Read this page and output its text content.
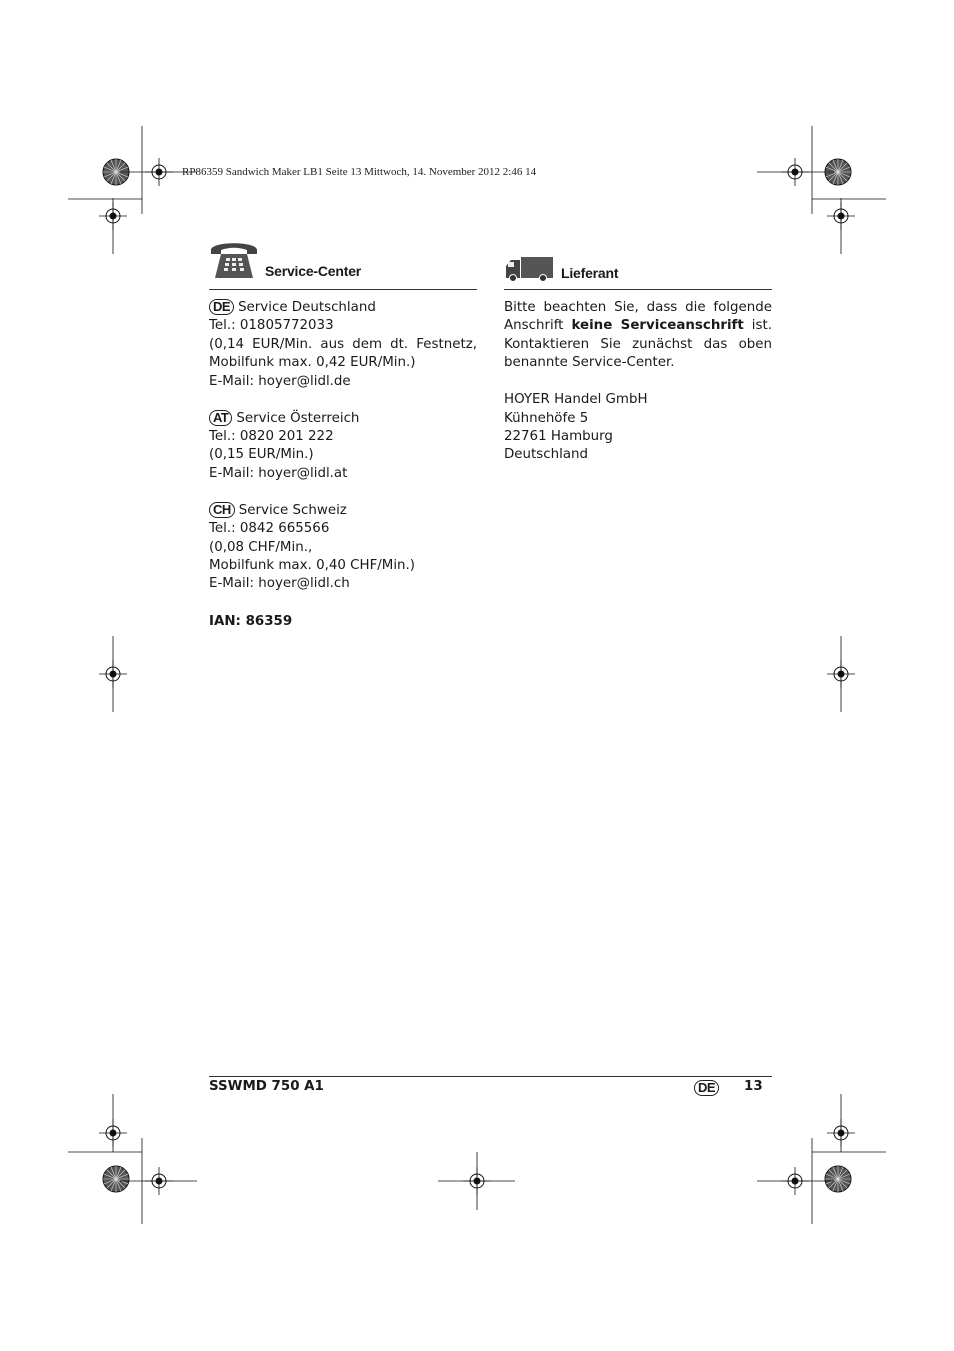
RP86359 Sandwich Maker LB1 Seite 13 Mittwoch, 14. November 2012 2:46 14
Service-Center
DE Service Deutschland
Tel.: 01805772033
(0,14 EUR/Min. aus dem dt. Festnetz,
Mobilfunk max. 0,42 EUR/Min.)
E-Mail: hoyer@lidl.de
AT Service Österreich
Tel.: 0820 201 222
(0,15 EUR/Min.)
E-Mail: hoyer@lidl.at
CH Service Schweiz
Tel.: 0842 665566
(0,08 CHF/Min.,
Mobilfunk max. 0,40 CHF/Min.)
E-Mail: hoyer@lidl.ch
IAN: 86359
Lieferant
Bitte beachten Sie, dass die folgende
Anschrift keine Serviceanschrift ist.
Kontaktieren Sie zunächst das oben
benannte Service-Center.
HOYER Handel GmbH
Kühnehöfe 5
22761 Hamburg
Deutschland
SSWMD 750 A1	DE 13
